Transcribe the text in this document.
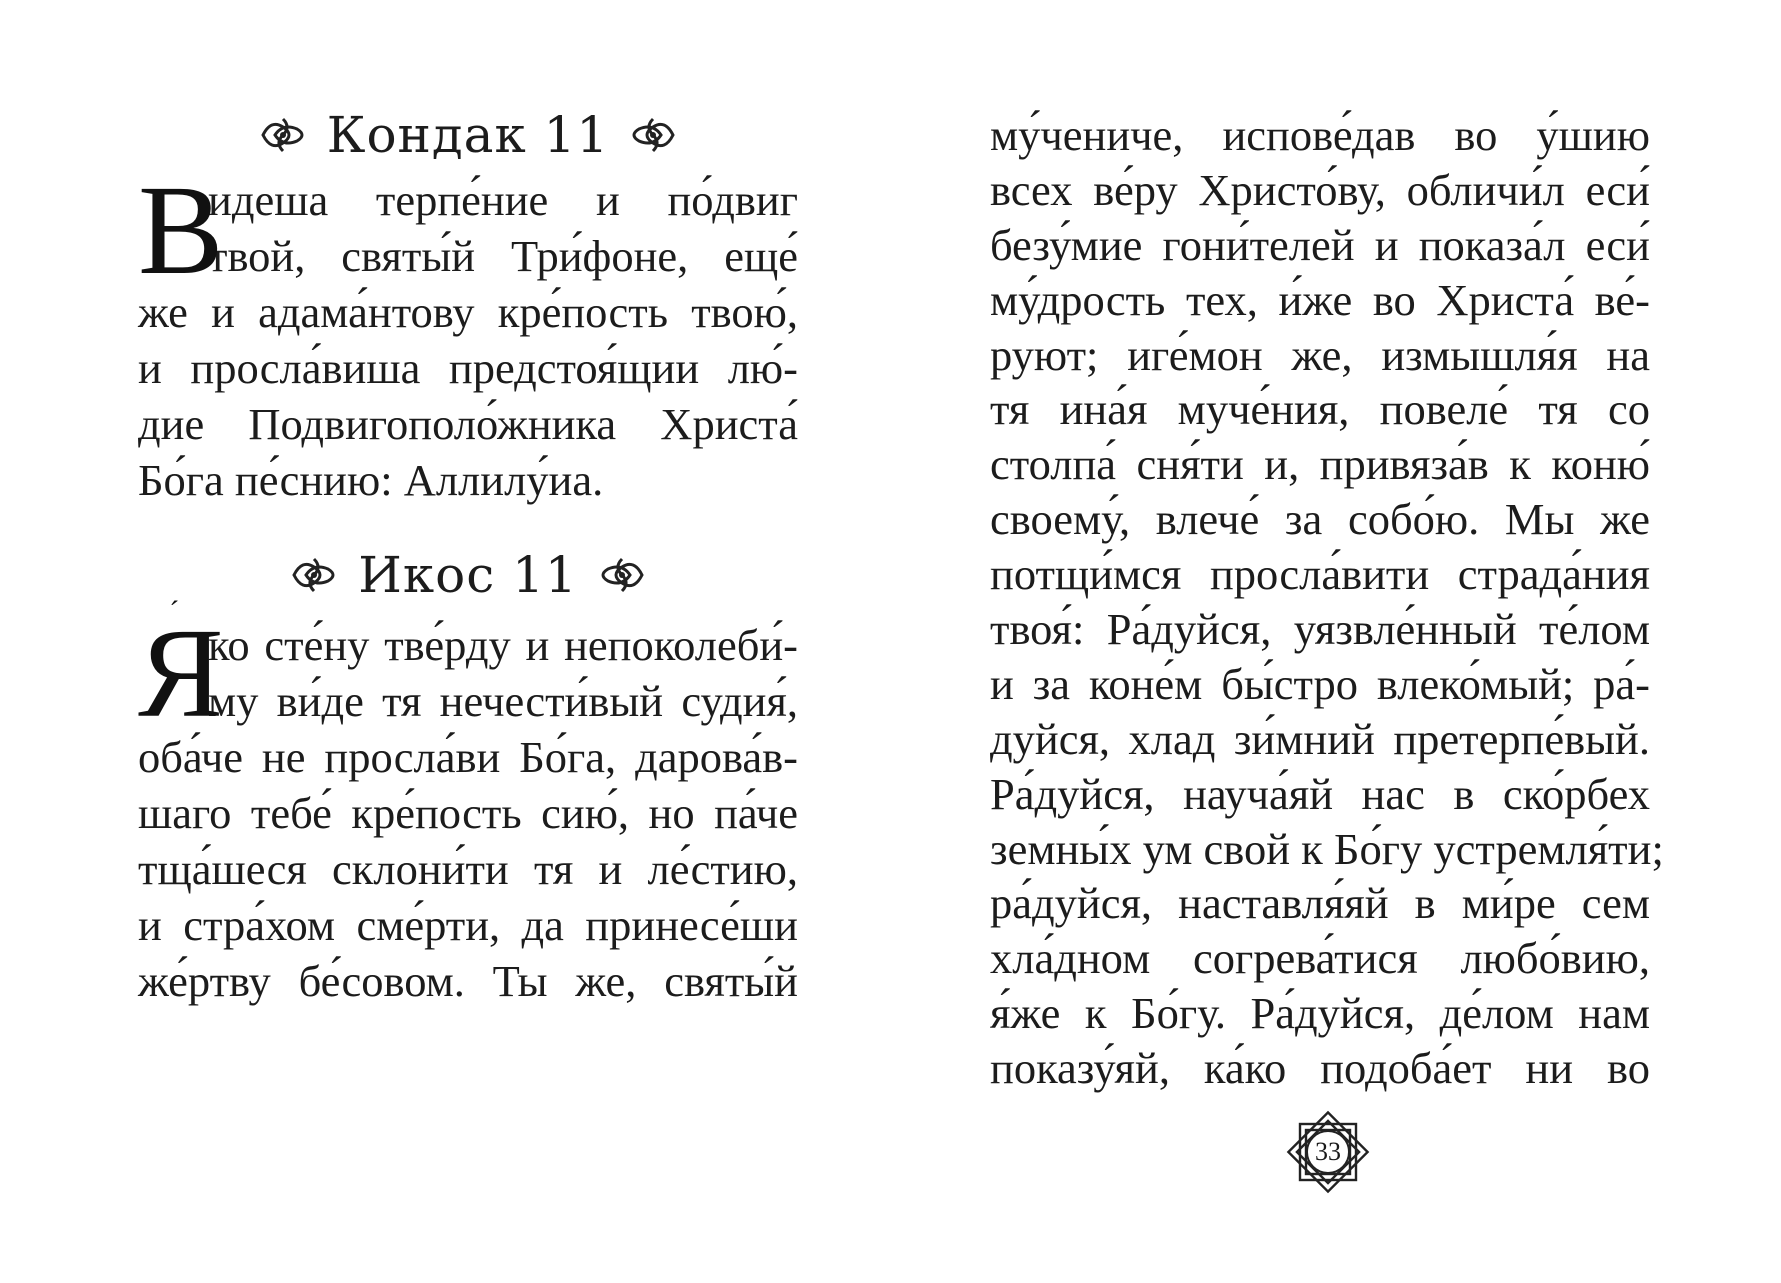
Кондак 11
В
идеша терпе́ние и по́двиг
твой, святы́й Три́фоне, еще́
же и адама́нтову кре́пость твою́,
и просла́виша предстоя́щии лю́-
дие Подвигополо́жника Христа́
Бо́га пе́снию: Аллилу́иа.
Икос 11
Я
ко сте́ну тве́рду и непоколеби́-
му ви́де тя нечести́вый судия́,
оба́че не просла́ви Бо́га, дарова́в-
шаго тебе́ кре́пость сию́, но па́че
тща́шеся склони́ти тя и ле́стию,
и стра́хом сме́рти, да принесе́ши
же́ртву бе́совом. Ты же, святы́й
му́чениче, испове́дав во у́шию
всех ве́ру Христо́ву, обличи́л еси́
безу́мие гони́телей и показа́л еси́
му́дрость тех, и́же во Христа́ ве́-
руют; иге́мон же, измышля́я на
тя ина́я муче́ния, повеле́ тя со
столпа́ сня́ти и, привяза́в к коню́
своему́, влече́ за собо́ю. Мы же
потщи́мся просла́вити страда́ния
твоя́: Ра́дуйся, уязвле́нный те́лом
и за коне́м бы́стро влеко́мый; ра́-
дуйся, хлад зи́мний претерпе́вый.
Ра́дуйся, науча́яй нас в ско́рбех
земны́х ум свой к Бо́гу устремля́ти;
ра́дуйся, наставля́яй в ми́ре сем
хла́дном согрева́тися любо́вию,
я́же к Бо́гу. Ра́дуйся, де́лом нам
показу́яй, ка́ко подоба́ет ни во
33
